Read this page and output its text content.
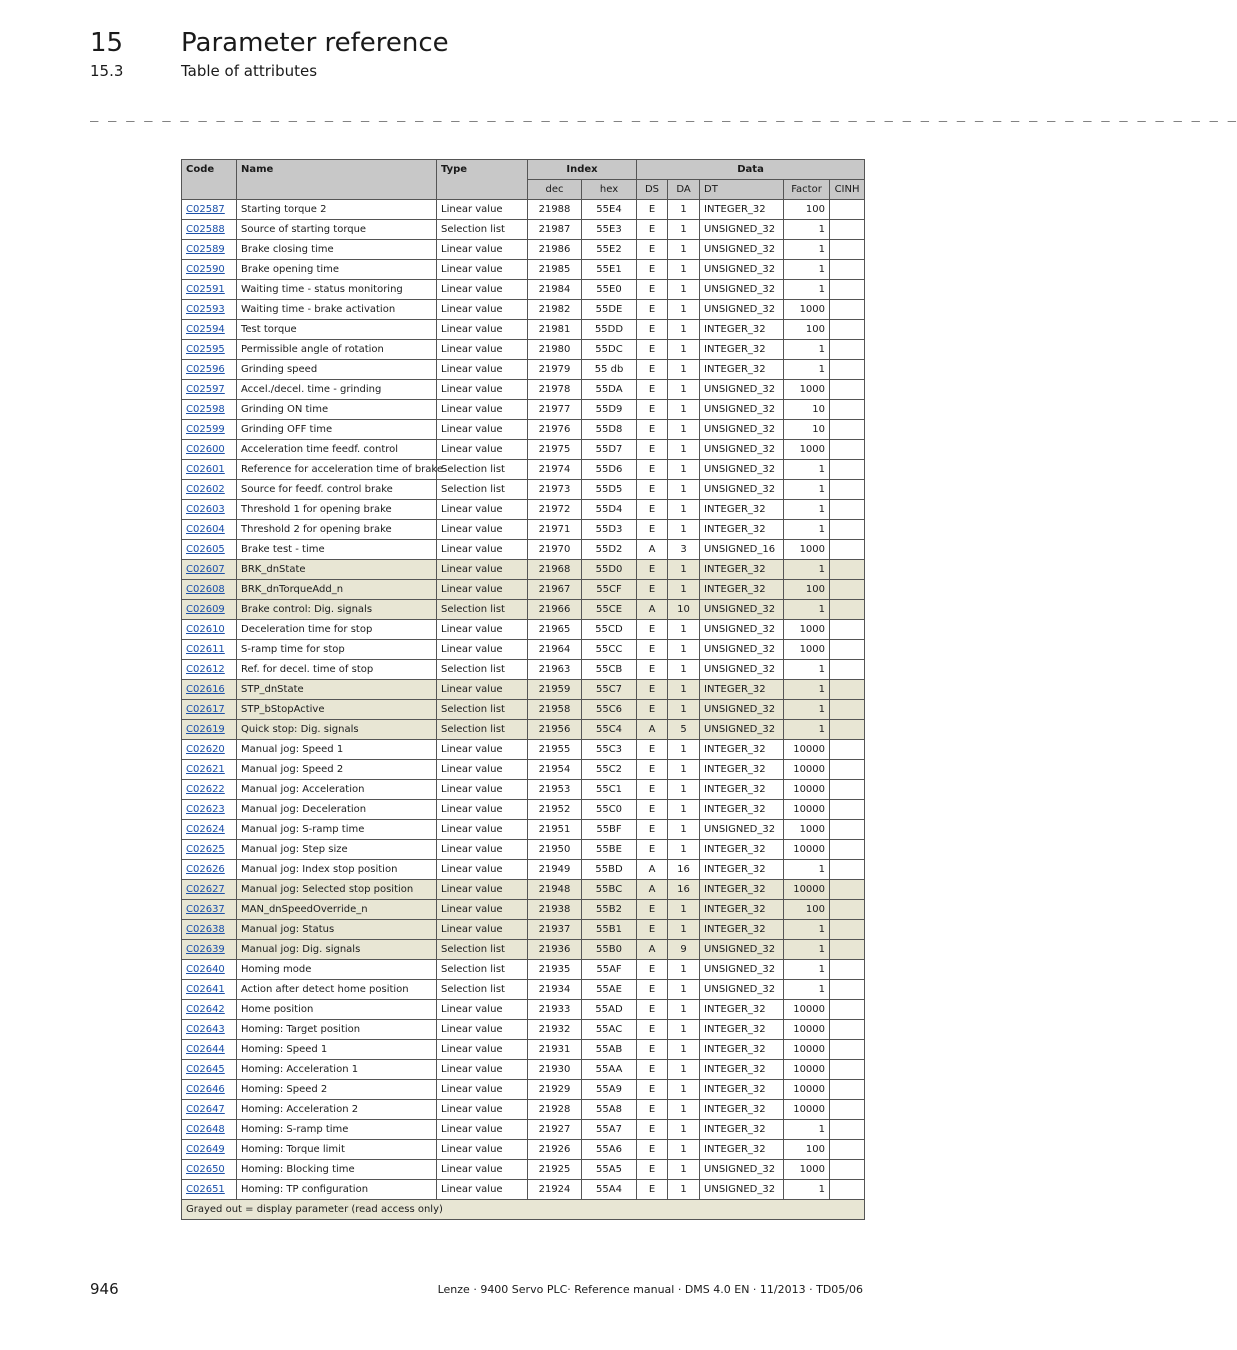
15 Parameter reference
15.3	Table of attributes
_ _ _ _ _ _ _ _ _ _ _ _ _ _ _ _ _ _ _ _ _ _ _ _ _ _ _ _ _ _ _ _ _ _ _ _ _ _ _ _ _ _ _ _ _ _ _ _ _ _ _ _ _ _ _ _ _ _ _ _ _ _ _ _
Code	Name	Type	Index		Data				
			dec	hex	DS	DA	DT	Factor	CINH
C02587	Starting torque 2	Linear value	21988	55E4	E	1	INTEGER_32	100	
C02588	Source of starting torque	Selection list	21987	55E3	E	1	UNSIGNED_32	1	
C02589	Brake closing time	Linear value	21986	55E2	E	1	UNSIGNED_32	1	
C02590	Brake opening time	Linear value	21985	55E1	E	1	UNSIGNED_32	1	
C02591	Waiting time - status monitoring	Linear value	21984	55E0	E	1	UNSIGNED_32	1	
C02593	Waiting time - brake activation	Linear value	21982	55DE	E	1	UNSIGNED_32	1000	
C02594	Test torque	Linear value	21981	55DD	E	1	INTEGER_32	100	
C02595	Permissible angle of rotation	Linear value	21980	55DC	E	1	INTEGER_32	1	
C02596	Grinding speed	Linear value	21979	55 db	E	1	INTEGER_32	1	
C02597	Accel./decel. time - grinding	Linear value	21978	55DA	E	1	UNSIGNED_32	1000	
C02598	Grinding ON time	Linear value	21977	55D9	E	1	UNSIGNED_32	10	
C02599	Grinding OFF time	Linear value	21976	55D8	E	1	UNSIGNED_32	10	
C02600	Acceleration time feedf. control	Linear value	21975	55D7	E	1	UNSIGNED_32	1000	
C02601	Reference for acceleration time of brake	Selection list	21974	55D6	E	1	UNSIGNED_32	1	
C02602	Source for feedf. control brake	Selection list	21973	55D5	E	1	UNSIGNED_32	1	
C02603	Threshold 1 for opening brake	Linear value	21972	55D4	E	1	INTEGER_32	1	
C02604	Threshold 2 for opening brake	Linear value	21971	55D3	E	1	INTEGER_32	1	
C02605	Brake test - time	Linear value	21970	55D2	A	3	UNSIGNED_16	1000	
C02607	BRK_dnState	Linear value	21968	55D0	E	1	INTEGER_32	1	
C02608	BRK_dnTorqueAdd_n	Linear value	21967	55CF	E	1	INTEGER_32	100	
C02609	Brake control: Dig. signals	Selection list	21966	55CE	A	10	UNSIGNED_32	1	
C02610	Deceleration time for stop	Linear value	21965	55CD	E	1	UNSIGNED_32	1000	
C02611	S-ramp time for stop	Linear value	21964	55CC	E	1	UNSIGNED_32	1000	
C02612	Ref. for decel. time of stop	Selection list	21963	55CB	E	1	UNSIGNED_32	1	
C02616	STP_dnState	Linear value	21959	55C7	E	1	INTEGER_32	1	
C02617	STP_bStopActive	Selection list	21958	55C6	E	1	UNSIGNED_32	1	
C02619	Quick stop: Dig. signals	Selection list	21956	55C4	A	5	UNSIGNED_32	1	
C02620	Manual jog: Speed 1	Linear value	21955	55C3	E	1	INTEGER_32	10000	
C02621	Manual jog: Speed 2	Linear value	21954	55C2	E	1	INTEGER_32	10000	
C02622	Manual jog: Acceleration	Linear value	21953	55C1	E	1	INTEGER_32	10000	
C02623	Manual jog: Deceleration	Linear value	21952	55C0	E	1	INTEGER_32	10000	
C02624	Manual jog: S-ramp time	Linear value	21951	55BF	E	1	UNSIGNED_32	1000	
C02625	Manual jog: Step size	Linear value	21950	55BE	E	1	INTEGER_32	10000	
C02626	Manual jog: Index stop position	Linear value	21949	55BD	A	16	INTEGER_32	1	
C02627	Manual jog: Selected stop position	Linear value	21948	55BC	A	16	INTEGER_32	10000	
C02637	MAN_dnSpeedOverride_n	Linear value	21938	55B2	E	1	INTEGER_32	100	
C02638	Manual jog: Status	Linear value	21937	55B1	E	1	INTEGER_32	1	
C02639	Manual jog: Dig. signals	Selection list	21936	55B0	A	9	UNSIGNED_32	1	
C02640	Homing mode	Selection list	21935	55AF	E	1	UNSIGNED_32	1	
C02641	Action after detect home position	Selection list	21934	55AE	E	1	UNSIGNED_32	1	
C02642	Home position	Linear value	21933	55AD	E	1	INTEGER_32	10000	
C02643	Homing: Target position	Linear value	21932	55AC	E	1	INTEGER_32	10000	
C02644	Homing: Speed 1	Linear value	21931	55AB	E	1	INTEGER_32	10000	
C02645	Homing: Acceleration 1	Linear value	21930	55AA	E	1	INTEGER_32	10000	
C02646	Homing: Speed 2	Linear value	21929	55A9	E	1	INTEGER_32	10000	
C02647	Homing: Acceleration 2	Linear value	21928	55A8	E	1	INTEGER_32	10000	
C02648	Homing: S-ramp time	Linear value	21927	55A7	E	1	INTEGER_32	1	
C02649	Homing: Torque limit	Linear value	21926	55A6	E	1	INTEGER_32	100	
C02650	Homing: Blocking time	Linear value	21925	55A5	E	1	UNSIGNED_32	1000	
C02651	Homing: TP configuration	Linear value	21924	55A4	E	1	UNSIGNED_32	1	
Grayed out = display parameter (read access only)									
946	Lenze · 9400 Servo PLC· Reference manual · DMS 4.0 EN · 11/2013 · TD05/06
